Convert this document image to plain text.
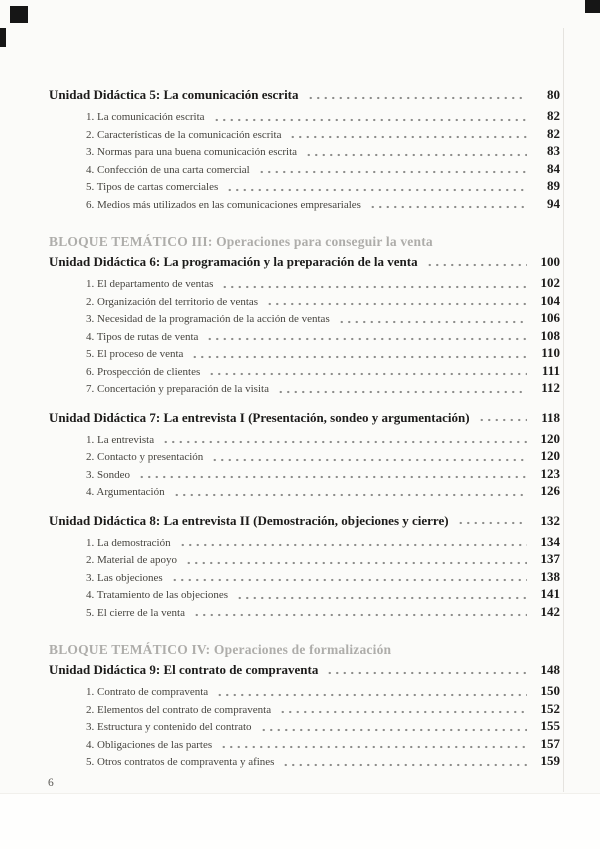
Unidad Didáctica 5: La comunicación escrita	80
1. La comunicación escrita	82
2. Características de la comunicación escrita	82
3. Normas para una buena comunicación escrita	83
4. Confección de una carta comercial	84
5. Tipos de cartas comerciales	89
6. Medios más utilizados en las comunicaciones empresariales	94
BLOQUE TEMÁTICO III: Operaciones para conseguir la venta
Unidad Didáctica 6: La programación y la preparación de la venta	100
1. El departamento de ventas	102
2. Organización del territorio de ventas	104
3. Necesidad de la programación de la acción de ventas	106
4. Tipos de rutas de venta	108
5. El proceso de venta	110
6. Prospección de clientes	111
7. Concertación y preparación de la visita	112
Unidad Didáctica 7: La entrevista I (Presentación, sondeo y argumentación)	118
1. La entrevista	120
2. Contacto y presentación	120
3. Sondeo	123
4. Argumentación	126
Unidad Didáctica 8: La entrevista II (Demostración, objeciones y cierre)	132
1. La demostración	134
2. Material de apoyo	137
3. Las objeciones	138
4. Tratamiento de las objeciones	141
5. El cierre de la venta	142
BLOQUE TEMÁTICO IV: Operaciones de formalización
Unidad Didáctica 9: El contrato de compraventa	148
1. Contrato de compraventa	150
2. Elementos del contrato de compraventa	152
3. Estructura y contenido del contrato	155
4. Obligaciones de las partes	157
5. Otros contratos de compraventa y afines	159
6
